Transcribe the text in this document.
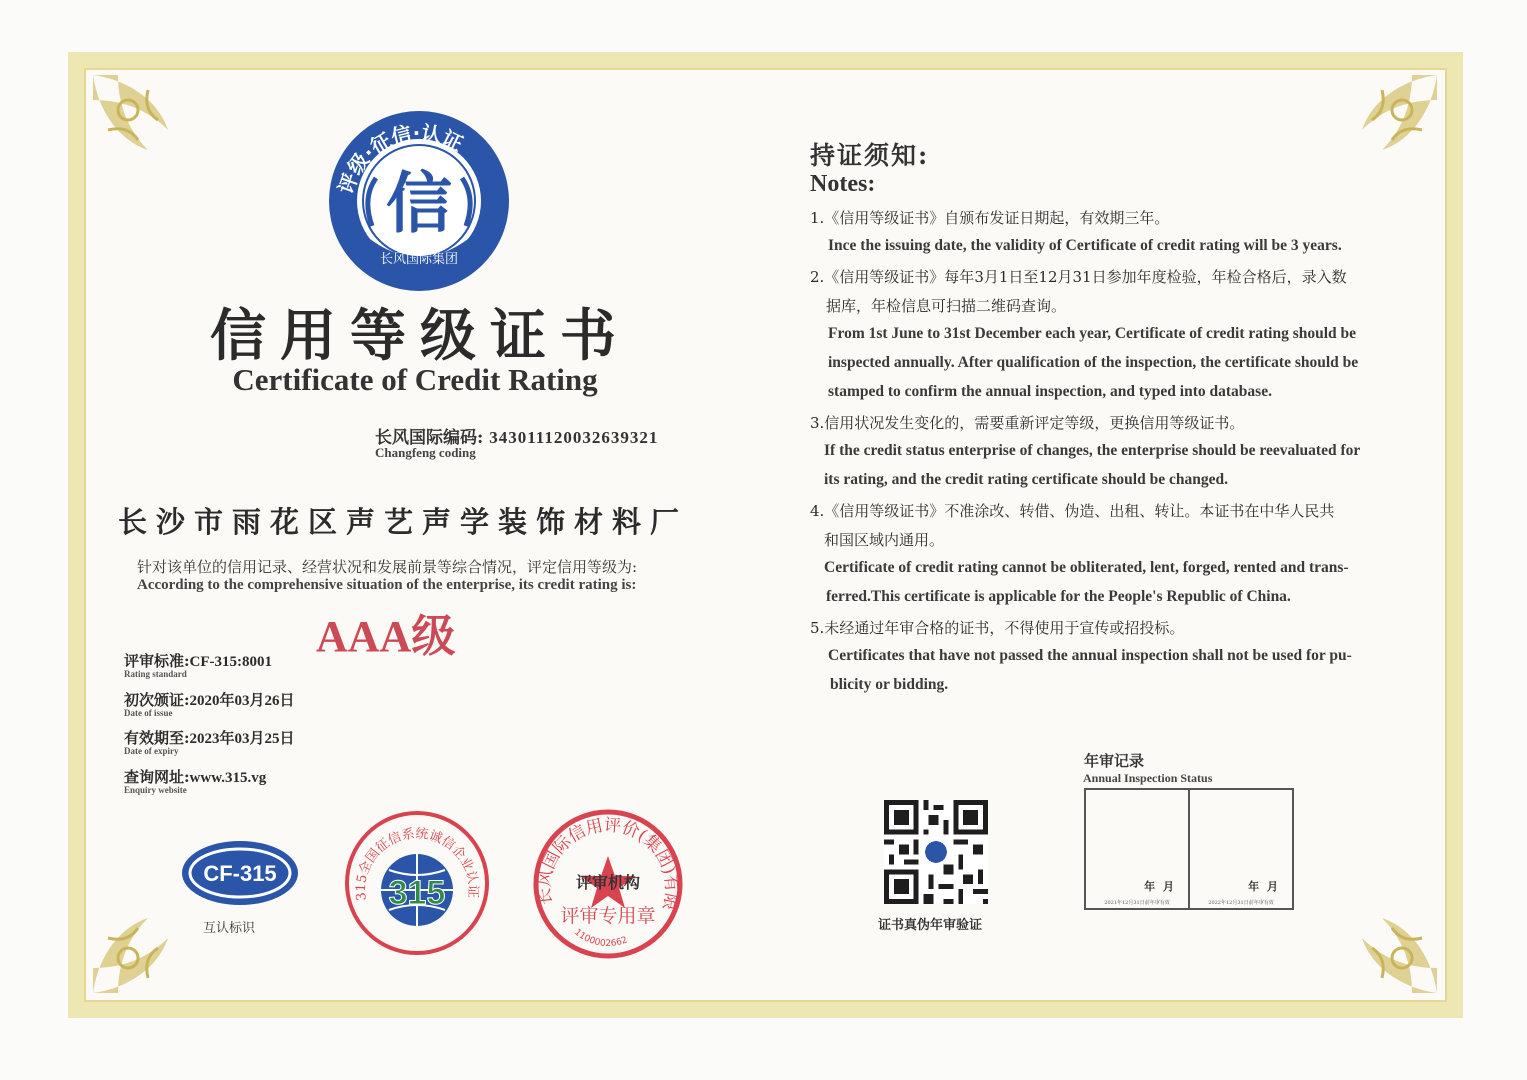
评级·征信·认证
信
长风国际集团
信用等级证书
Certificate of Credit Rating
长风国际编码: 343011120032639321
Changfeng coding
长沙市雨花区声艺声学装饰材料厂
针对该单位的信用记录、经营状况和发展前景等综合情况，评定信用等级为:
According to the comprehensive situation of the enterprise, its credit rating is:
AAA级
评审标准:CF-315:8001
Rating standard
初次颁证:2020年03月26日
Date of issue
有效期至:2023年03月25日
Date of expiry
查询网址:www.315.vg
Enquiry website
CF-315
互认标识
315全国征信系统诚信企业认证
315	长风国际信用评价(集团)有限
评审机构
评审专用章
1100002662
持证须知:
Notes:
1.《信用等级证书》自颁布发证日期起，有效期三年。
Ince the issuing date, the validity of Certificate of credit rating will be 3 years.
2.《信用等级证书》每年3月1日至12月31日参加年度检验，年检合格后，录入数
据库，年检信息可扫描二维码查询。
From 1st June to 31st December each year, Certificate of credit rating should be
inspected annually. After qualification of the inspection, the certificate should be
stamped to confirm the annual inspection, and typed into database.
3.信用状况发生变化的，需要重新评定等级，更换信用等级证书。
If the credit status enterprise of changes, the enterprise should be reevaluated for
its rating, and the credit rating certificate should be changed.
4.《信用等级证书》不准涂改、转借、伪造、出租、转让。本证书在中华人民共
和国区域内通用。
Certificate of credit rating cannot be obliterated, lent, forged, rented and trans-
ferred.This certificate is applicable for the People's Republic of China.
5.未经通过年审合格的证书，不得使用于宣传或招投标。
Certificates that have not passed the annual inspection shall not be used for pu-
blicity or bidding.
证书真伪年审验证
年审记录
Annual Inspection Status
年 月
2021年12月31日前年审有效
年 月
2022年12月31日前年审有效
